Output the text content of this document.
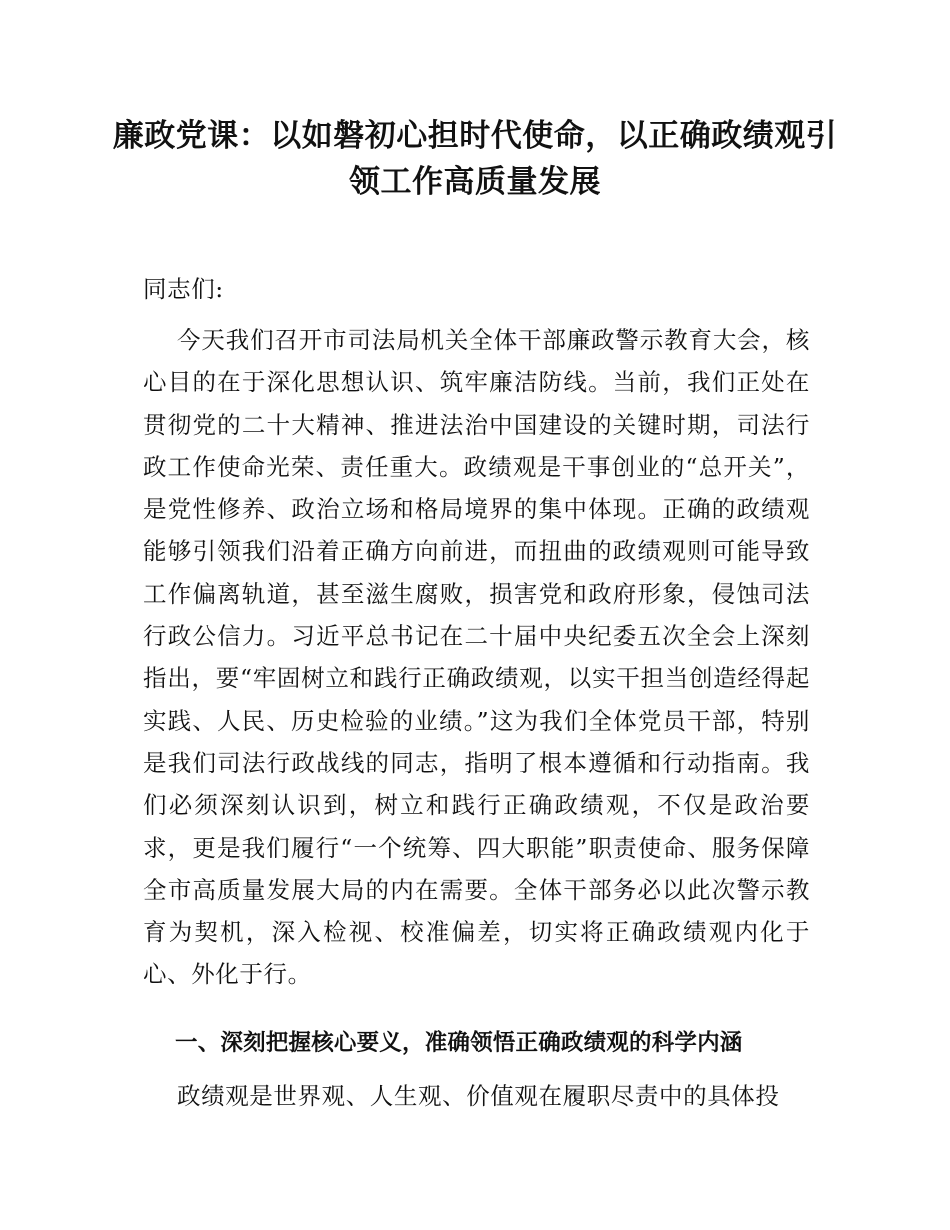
廉政党课：以如磐初心担时代使命，以正确政绩观引领工作高质量发展

同志们:

今天我们召开市司法局机关全体干部廉政警示教育大会，核心目的在于深化思想认识、筑牢廉洁防线。当前，我们正处在贯彻党的二十大精神、推进法治中国建设的关键时期，司法行政工作使命光荣、责任重大。政绩观是干事创业的“总开关”，是党性修养、政治立场和格局境界的集中体现。正确的政绩观能够引领我们沿着正确方向前进，而扭曲的政绩观则可能导致工作偏离轨道，甚至滋生腐败，损害党和政府形象，侵蚀司法行政公信力。习近平总书记在二十届中央纪委五次全会上深刻指出，要“牢固树立和践行正确政绩观，以实干担当创造经得起实践、人民、历史检验的业绩。”这为我们全体党员干部，特别是我们司法行政战线的同志，指明了根本遵循和行动指南。我们必须深刻认识到，树立和践行正确政绩观，不仅是政治要求，更是我们履行“一个统筹、四大职能”职责使命、服务保障全市高质量发展大局的内在需要。全体干部务必以此次警示教育为契机，深入检视、校准偏差，切实将正确政绩观内化于心、外化于行。

一、深刻把握核心要义，准确领悟正确政绩观的科学内涵

政绩观是世界观、人生观、价值观在履职尽责中的具体投
